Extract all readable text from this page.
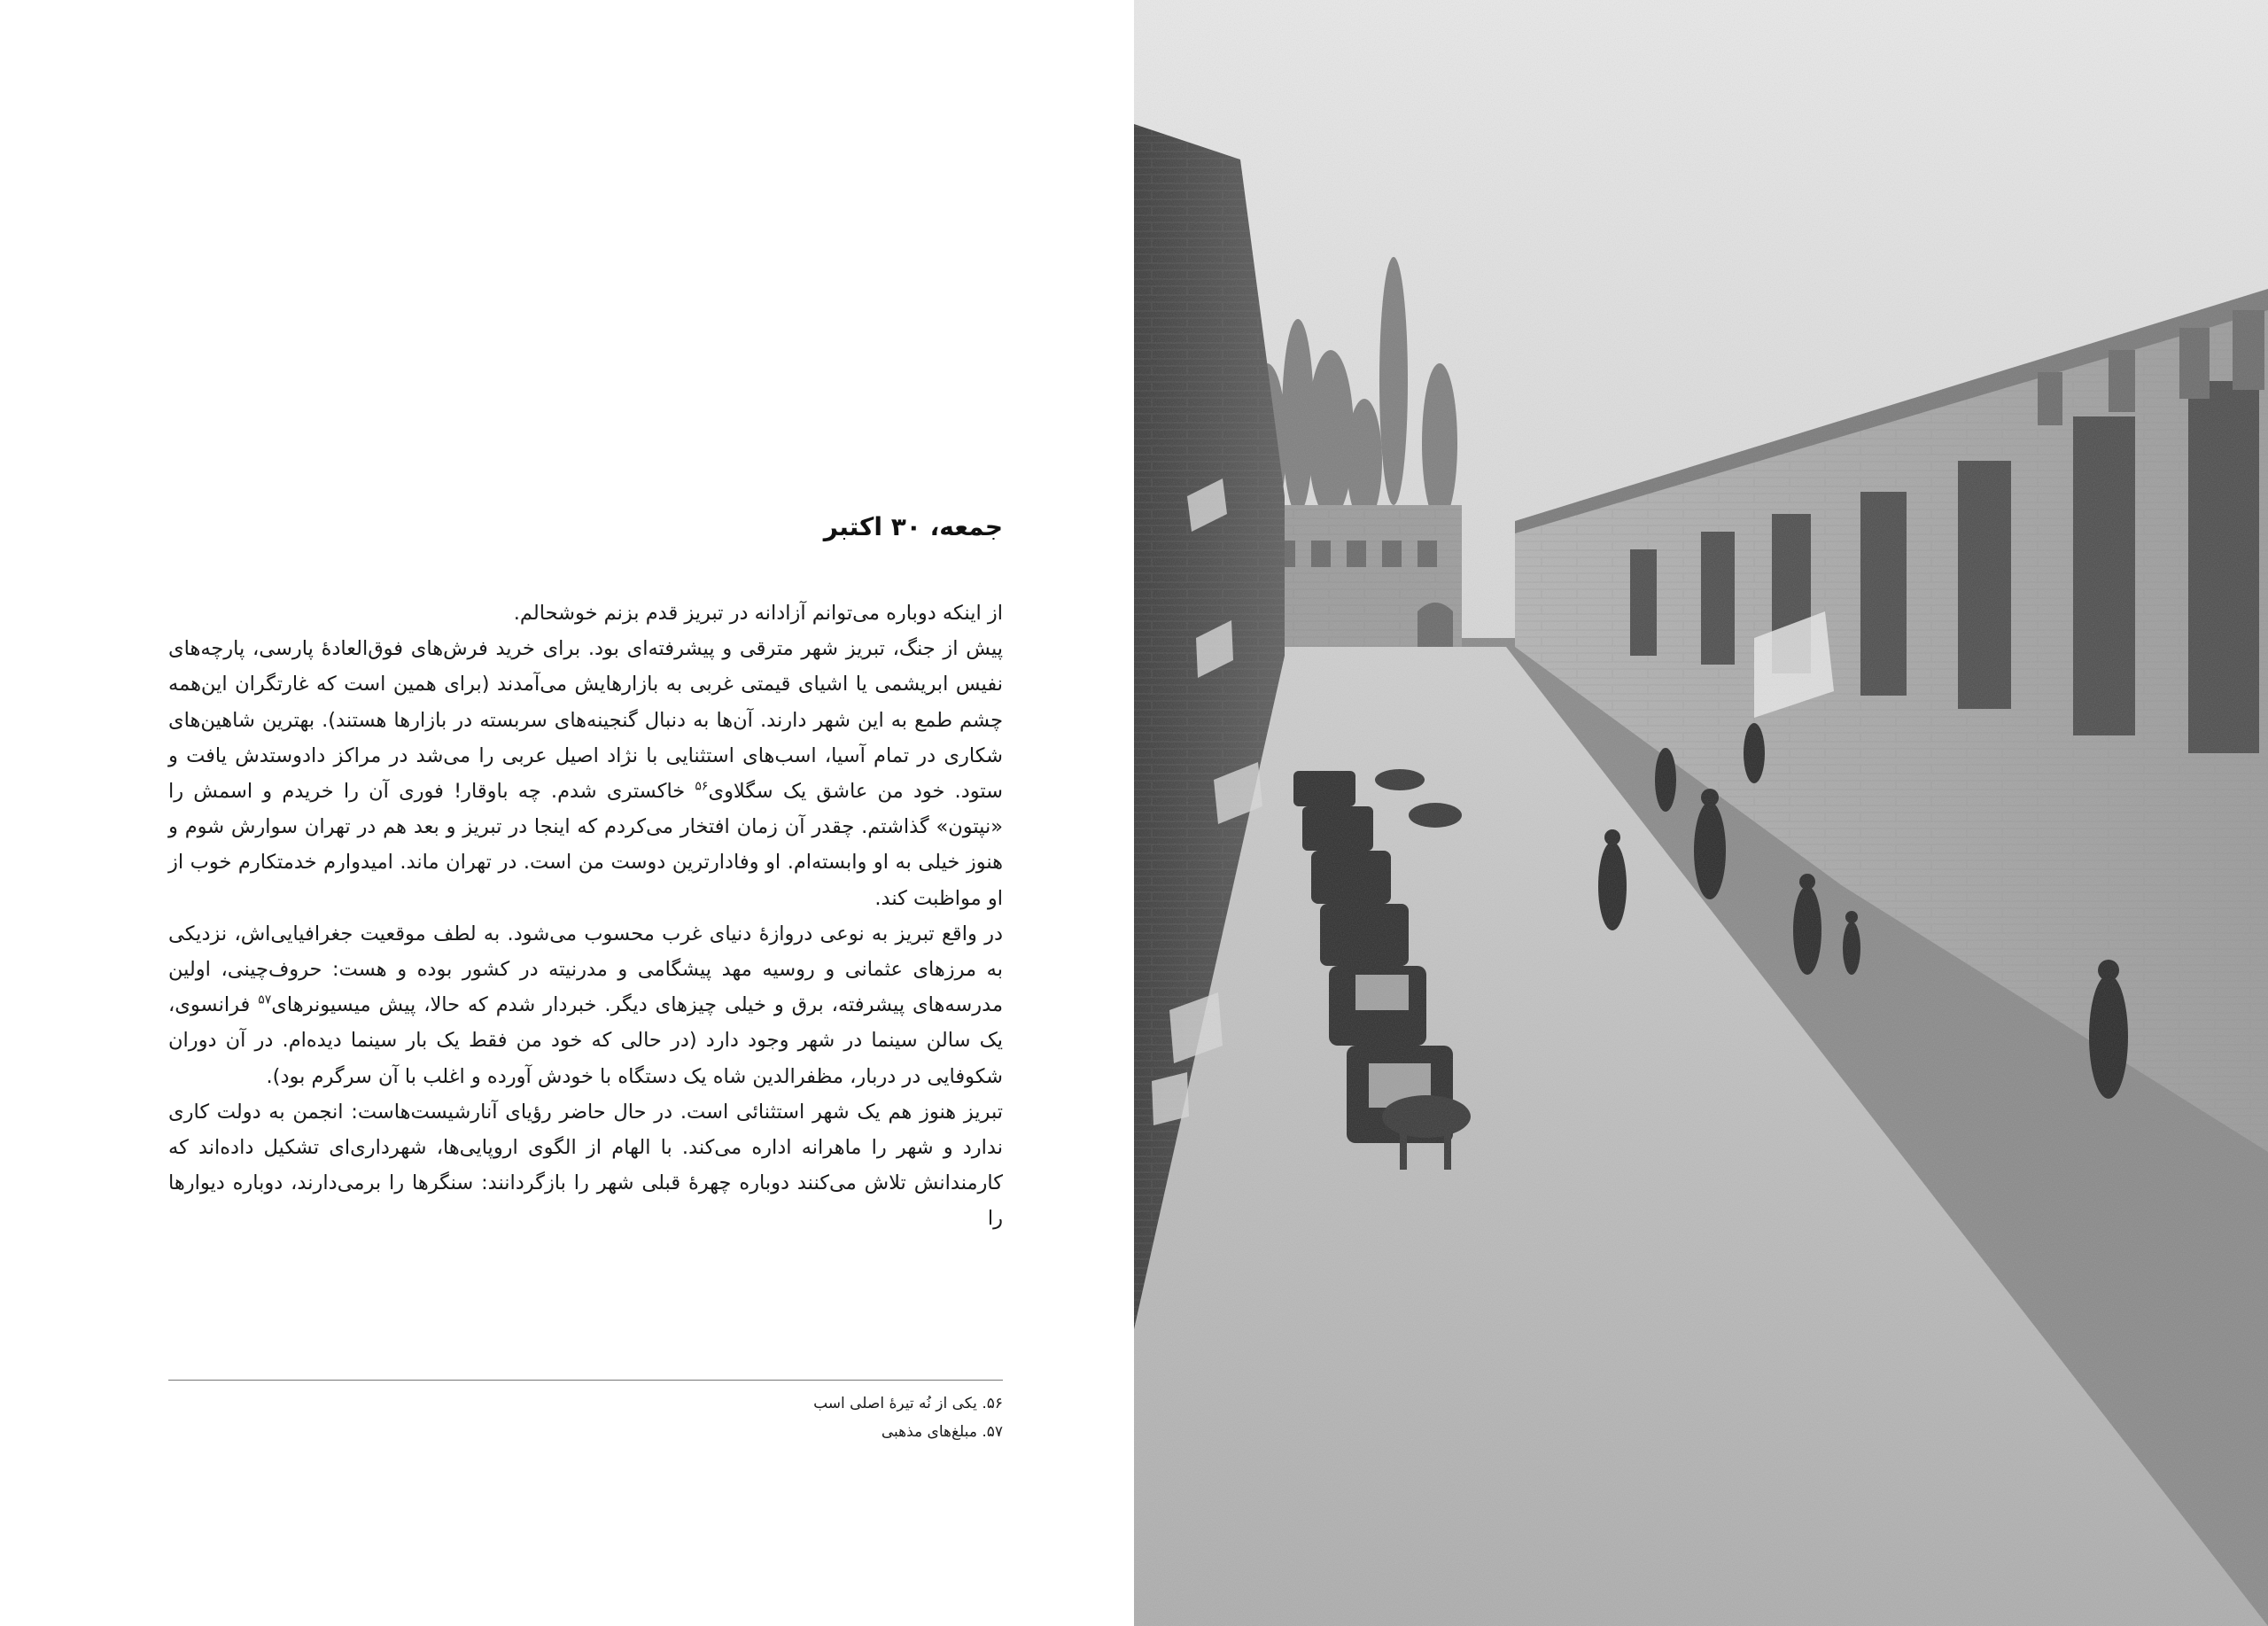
جمعه، ۳۰ اکتبر

از اینکه دوباره می‌توانم آزادانه در تبریز قدم بزنم خوشحالم.

پیش از جنگ، تبریز شهر مترقی و پیشرفته‌ای بود. برای خرید فرش‌های فوق‌العادهٔ پارسی، پارچه‌های نفیس ابریشمی یا اشیای قیمتی غربی به بازارهایش می‌آمدند (برای همین است که غارتگران این‌همه چشم طمع به این شهر دارند. آن‌ها به دنبال گنجینه‌های سربسته در بازارها هستند). بهترین شاهین‌های شکاری در تمام آسیا، اسب‌های استثنایی با نژاد اصیل عربی را می‌شد در مراکز دادوستدش یافت و ستود. خود من عاشق یک سگلاوی$^{۵۶}$ خاکستری شدم. چه باوقار! فوری آن را خریدم و اسمش را «نپتون» گذاشتم. چقدر آن زمان افتخار می‌کردم که اینجا در تبریز و بعد هم در تهران سوارش شوم و هنوز خیلی به او وابسته‌ام. او وفادارترین دوست من است. در تهران ماند. امیدوارم خدمتکارم خوب از او مواظبت کند.

در واقع تبریز به نوعی دروازهٔ دنیای غرب محسوب می‌شود. به لطف موقعیت جغرافیایی‌اش، نزدیکی به مرزهای عثمانی و روسیه مهد پیشگامی و مدرنیته در کشور بوده و هست: حروف‌چینی، اولین مدرسه‌های پیشرفته، برق و خیلی چیزهای دیگر. خبردار شدم که حالا، پیش میسیونرهای$^{۵۷}$ فرانسوی، یک سالن سینما در شهر وجود دارد (در حالی که خود من فقط یک بار سینما دیده‌ام. در آن دوران شکوفایی در دربار، مظفرالدین شاه یک دستگاه با خودش آورده و اغلب با آن سرگرم بود).

تبریز هنوز هم یک شهر استثنائی است. در حال حاضر رؤیای آنارشیست‌هاست: انجمن به دولت کاری ندارد و شهر را ماهرانه اداره می‌کند. با الهام از الگوی اروپایی‌ها، شهرداری‌ای تشکیل داده‌اند که کارمندانش تلاش می‌کنند دوباره چهرهٔ قبلی شهر را بازگردانند: سنگرها را برمی‌دارند، دوباره دیوارها را

۵۶. یکی از نُه تیرهٔ اصلی اسب
۵۷. مبلغ‌های مذهبی
